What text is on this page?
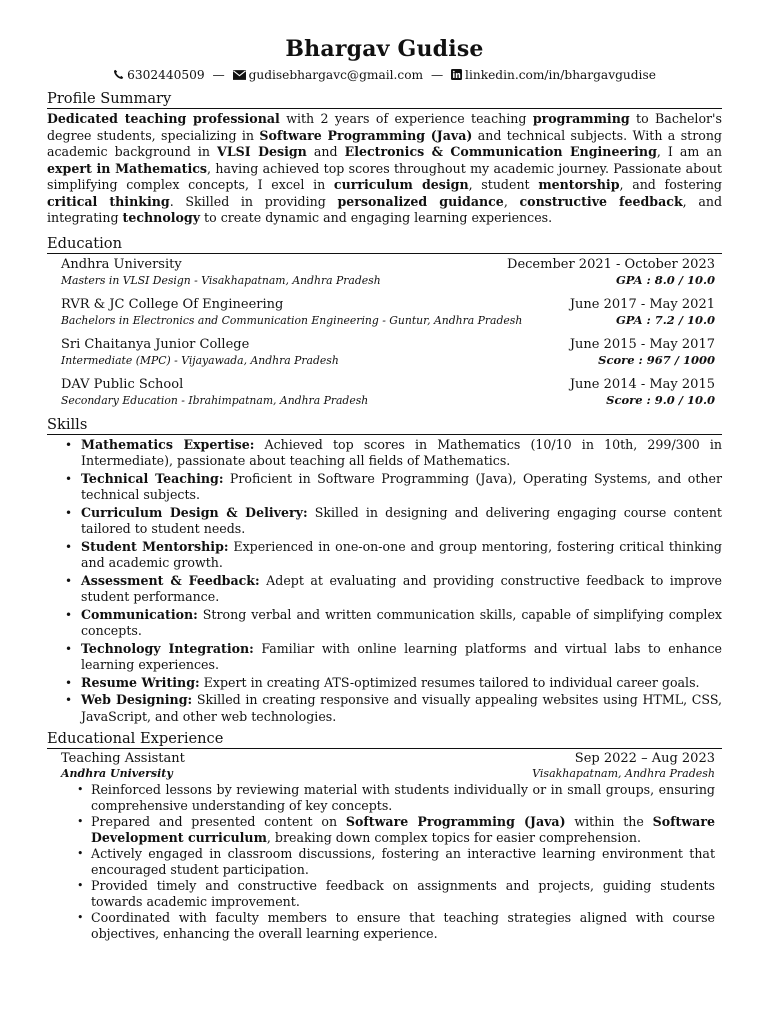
Bhargav Gudise
6302440509 — gudisebhargavc@gmail.com — linkedin.com/in/bhargavgudise
Profile Summary
Dedicated teaching professional with 2 years of experience teaching programming to Bachelor's degree students, specializing in Software Programming (Java) and technical subjects. With a strong academic background in VLSI Design and Electronics & Communication Engineering, I am an expert in Mathematics, having achieved top scores throughout my academic journey. Passionate about simplifying complex concepts, I excel in curriculum design, student mentorship, and fostering critical thinking. Skilled in providing personalized guidance, constructive feedback, and integrating technology to create dynamic and engaging learning experiences.
Education
Andhra University	December 2021 - October 2023
Masters in VLSI Design - Visakhapatnam, Andhra Pradesh	GPA : 8.0 / 10.0
RVR & JC College Of Engineering	June 2017 - May 2021
Bachelors in Electronics and Communication Engineering - Guntur, Andhra Pradesh	GPA : 7.2 / 10.0
Sri Chaitanya Junior College	June 2015 - May 2017
Intermediate (MPC) - Vijayawada, Andhra Pradesh	Score : 967 / 1000
DAV Public School	June 2014 - May 2015
Secondary Education - Ibrahimpatnam, Andhra Pradesh	Score : 9.0 / 10.0
Skills
• Mathematics Expertise: Achieved top scores in Mathematics (10/10 in 10th, 299/300 in Intermediate), passionate about teaching all fields of Mathematics.
• Technical Teaching: Proficient in Software Programming (Java), Operating Systems, and other technical subjects.
• Curriculum Design & Delivery: Skilled in designing and delivering engaging course content tailored to student needs.
• Student Mentorship: Experienced in one-on-one and group mentoring, fostering critical thinking and academic growth.
• Assessment & Feedback: Adept at evaluating and providing constructive feedback to improve student performance.
• Communication: Strong verbal and written communication skills, capable of simplifying complex concepts.
• Technology Integration: Familiar with online learning platforms and virtual labs to enhance learning experiences.
• Resume Writing: Expert in creating ATS-optimized resumes tailored to individual career goals.
• Web Designing: Skilled in creating responsive and visually appealing websites using HTML, CSS, JavaScript, and other web technologies.
Educational Experience
Teaching Assistant	Sep 2022 – Aug 2023
Andhra University	Visakhapatnam, Andhra Pradesh
• Reinforced lessons by reviewing material with students individually or in small groups, ensuring comprehensive understanding of key concepts.
• Prepared and presented content on Software Programming (Java) within the Software Development curriculum, breaking down complex topics for easier comprehension.
• Actively engaged in classroom discussions, fostering an interactive learning environment that encouraged student participation.
• Provided timely and constructive feedback on assignments and projects, guiding students towards academic improvement.
• Coordinated with faculty members to ensure that teaching strategies aligned with course objectives, enhancing the overall learning experience.
